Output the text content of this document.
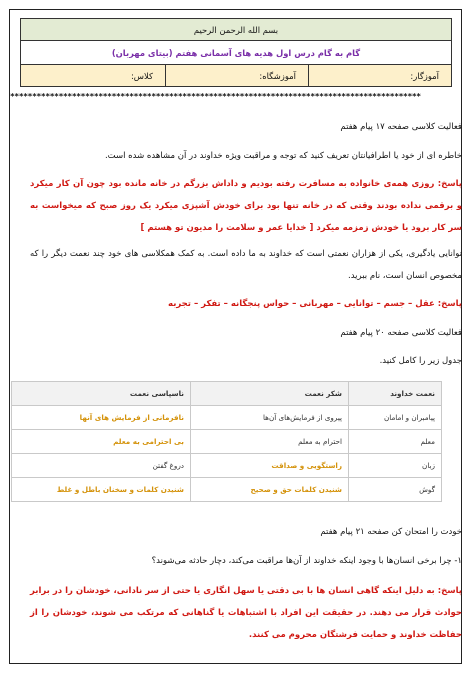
بسم الله الرحمن الرحیم
گام به گام درس اول هدیه های آسمانی هفتم (بیتای مهربان)
آموزگار:	آموزشگاه:	کلاس:
*********************************************************************************************
فعالیت کلاسی صفحه ۱۷ پیام هفتم
خاطره ای از خود یا اطرافیانتان تعریف کنید که توجه و مراقبت ویژه خداوند در آن مشاهده شده است.
پاسخ: روزی همه‌ی خانواده به مسافرت رفته بودیم و داداش بزرگم در خانه مانده بود چون آن کار میکرد و برقمی نداده بودند وقتی که در خانه تنها بود برای خودش آشپزی میکرد یک روز صبح که میخواست به سر کار برود یا خودش زمزمه میکرد [ خدایا عمر و سلامت را مدیون تو هستم ]
توانایی یادگیری، یکی از هزاران نعمتی است که خداوند به ما داده است. به کمک همکلاسی های خود چند نعمت دیگر را که مخصوص انسان است، نام ببرید.
پاسخ: عقل – جسم – توانایی – مهربانی – حواس پنجگانه – تفکر – تجربه
فعالیت کلاسی صفحه ۲۰ پیام هفتم
جدول زیر را کامل کنید.
نعمت خداوند	شکر نعمت	ناسپاسی نعمت
پیامبران و امامان	پیروی از فرمایش‌های آن‌ها	نافرمانی از فرمایش های آنها
معلم	احترام به معلم	بی احترامی به معلم
زبان	راستگویی و صداقت	دروغ گفتن
گوش	شنیدن کلمات حق و صحیح	شنیدن کلمات و سخنان باطل و غلط
خودت را امتحان کن صفحه ۲۱ پیام هفتم
۱- چرا برخی انسان‌ها با وجود اینکه خداوند از آن‌ها مراقبت می‌کند، دچار حادثه می‌شوند؟
پاسخ: به دلیل اینکه گاهی انسان ها با بی دقتی یا سهل انگاری یا حتی از سر نادانی، خودشان را در برابر حوادث قرار می دهند. در حقیقت این افراد با اشتباهات یا گناهانی که مرتکب می شوند، خودشان را از حفاظت خداوند و حمایت فرشتگان محروم می کنند.
